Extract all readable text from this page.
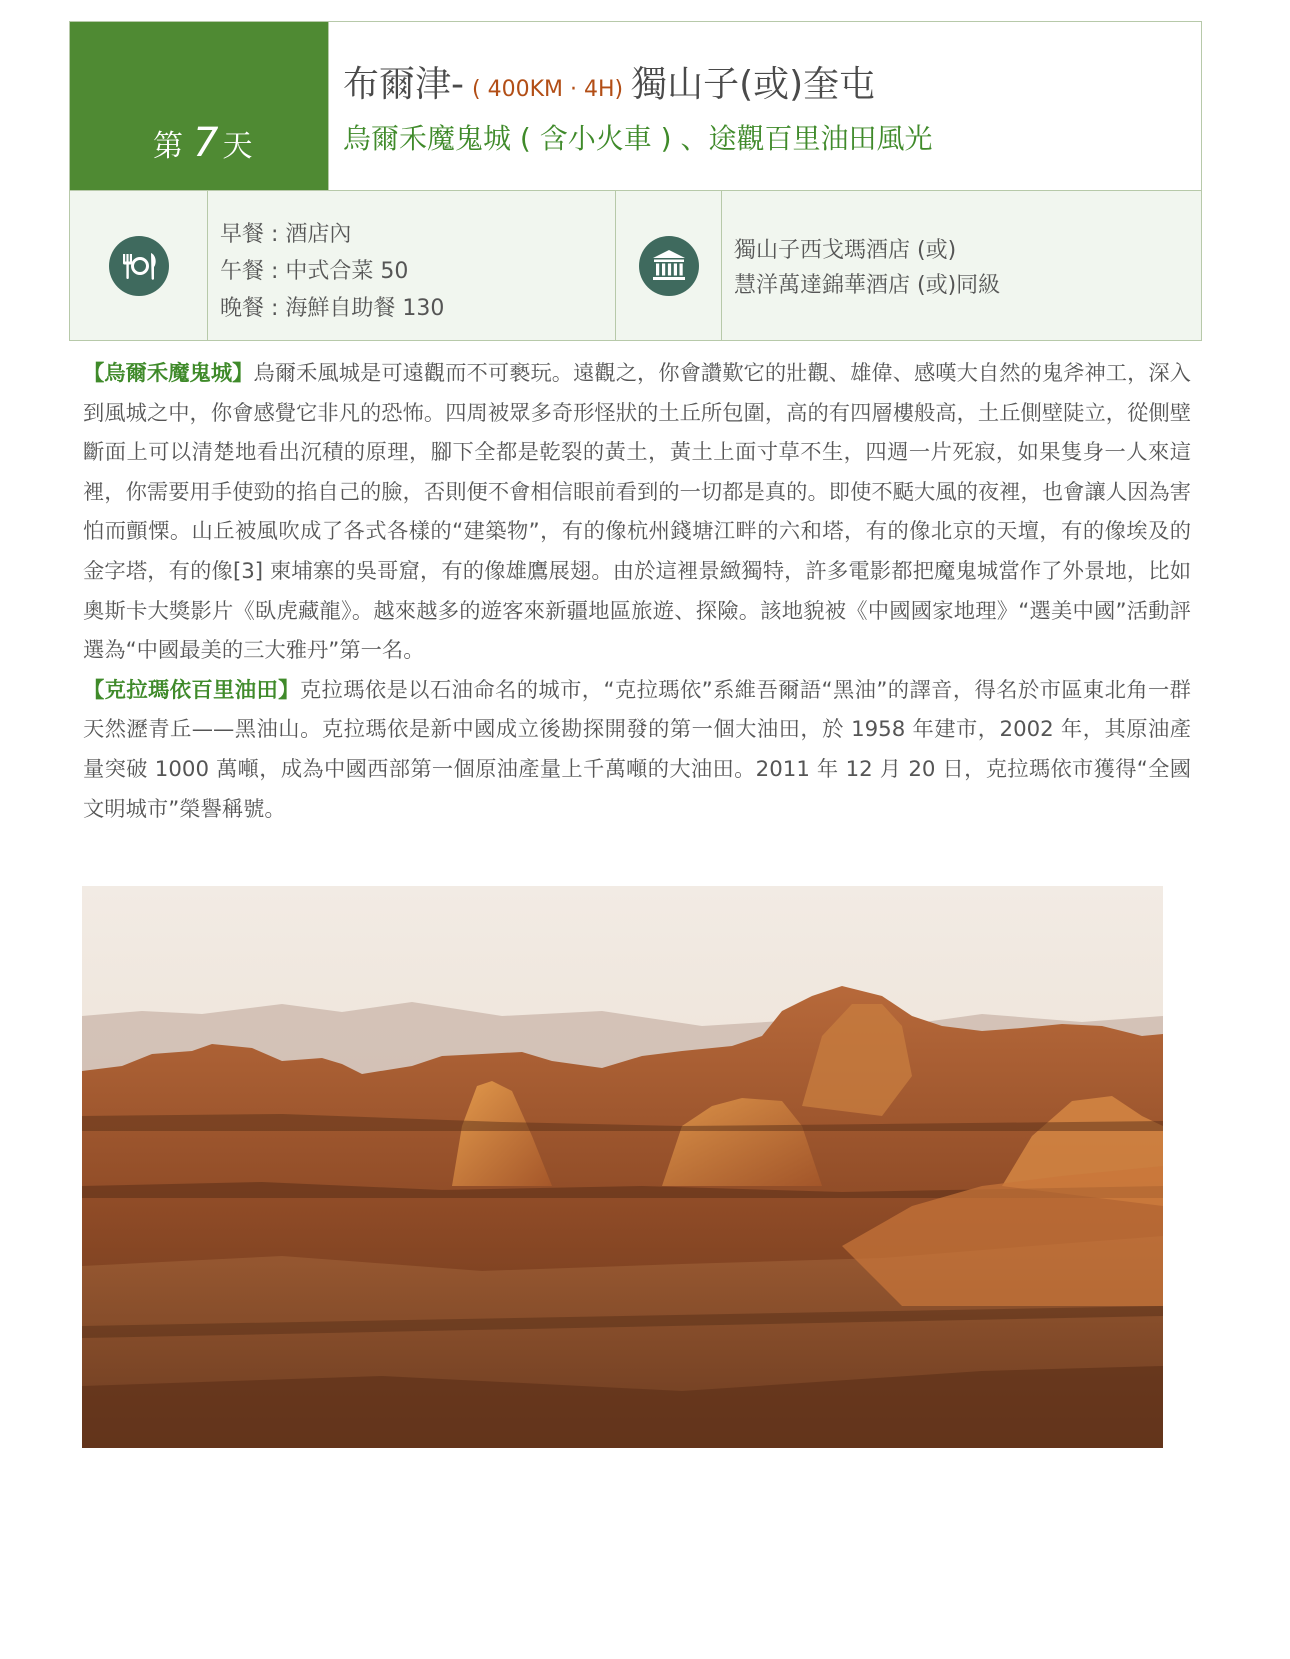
第 7 天
布爾津- ( 400KM · 4H) 獨山子(或)奎屯
烏爾禾魔鬼城 ( 含小火車 ) 、途觀百里油田風光
早餐 : 酒店內
午餐 : 中式合菜 50
晚餐 : 海鮮自助餐 130
獨山子西戈瑪酒店 (或)
慧洋萬達錦華酒店 (或)同級

【烏爾禾魔鬼城】烏爾禾風城是可遠觀而不可褻玩。遠觀之，你會讚歎它的壯觀、雄偉、感嘆大自然的鬼斧神工，深入到風城之中，你會感覺它非凡的恐怖。四周被眾多奇形怪狀的土丘所包圍，高的有四層樓般高，土丘側壁陡立，從側壁斷面上可以清楚地看出沉積的原理，腳下全都是乾裂的黃土，黃土上面寸草不生，四週一片死寂，如果隻身一人來這裡，你需要用手使勁的掐自己的臉，否則便不會相信眼前看到的一切都是真的。即使不颳大風的夜裡，也會讓人因為害怕而顫慄。山丘被風吹成了各式各樣的“建築物”，有的像杭州錢塘江畔的六和塔，有的像北京的天壇，有的像埃及的金字塔，有的像[3] 柬埔寨的吳哥窟，有的像雄鷹展翅。由於這裡景緻獨特，許多電影都把魔鬼城當作了外景地，比如奧斯卡大獎影片《臥虎藏龍》。越來越多的遊客來新疆地區旅遊、探險。該地貌被《中國國家地理》“選美中國”活動評選為“中國最美的三大雅丹”第一名。

【克拉瑪依百里油田】克拉瑪依是以石油命名的城市，“克拉瑪依”系維吾爾語“黑油”的譯音，得名於市區東北角一群天然瀝青丘——黑油山。克拉瑪依是新中國成立後勘探開發的第一個大油田，於 1958 年建市，2002 年，其原油產量突破 1000 萬噸，成為中國西部第一個原油產量上千萬噸的大油田。2011 年 12 月 20 日，克拉瑪依市獲得“全國文明城市”榮譽稱號。
